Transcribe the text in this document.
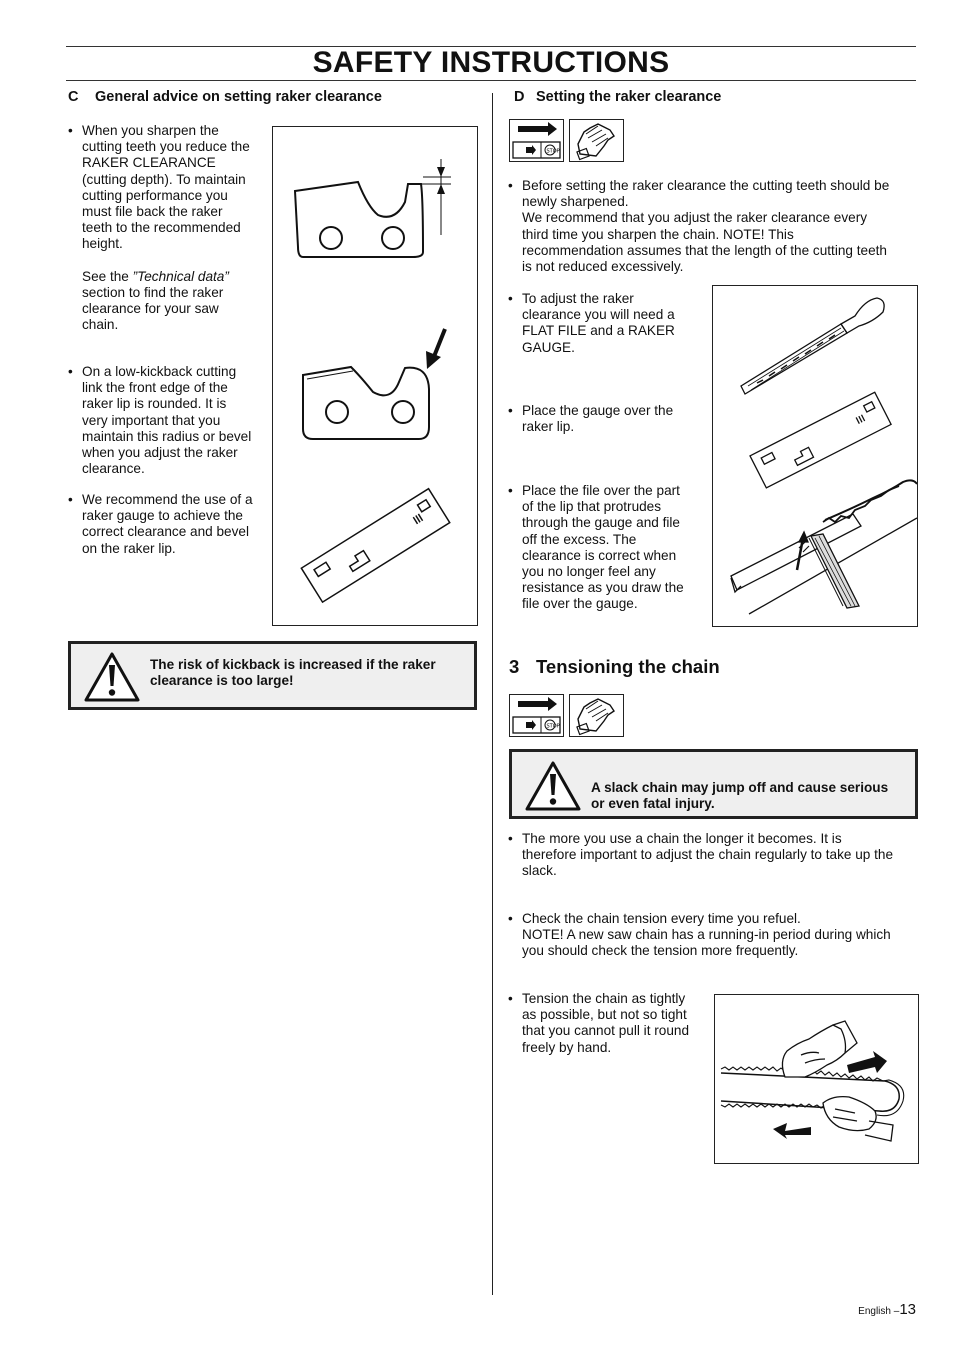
SAFETY INSTRUCTIONS
C General advice on setting raker clearance
• When you sharpen the

cutting teeth you reduce the

RAKER CLEARANCE

(cutting depth). To maintain

cutting performance you

must file back the raker

teeth to the recommended

height.

See the ”Technical data”

section to find the raker

clearance for your saw

chain.

• On a low-kickback cutting

link the front edge of the

raker lip is rounded. It is

very important that you

maintain this radius or bevel

when you adjust the raker

clearance.

• We recommend the use of a

raker gauge to achieve the

correct clearance and bevel

on the raker lip.

The risk of kickback is increased if the raker
clearance is too large!
D Setting the raker clearance
STOP
• Before setting the raker clearance the cutting teeth should be

newly sharpened.

We recommend that you adjust the raker clearance every

third time you sharpen the chain. NOTE! This

recommendation assumes that the length of the cutting teeth

is not reduced excessively.

• To adjust the raker

clearance you will need a

FLAT FILE and a RAKER

GAUGE.

• Place the gauge over the

raker lip.

• Place the file over the part

of the lip that protrudes

through the gauge and file

off the excess. The

clearance is correct when

you no longer feel any

resistance as you draw the

file over the gauge.

3 Tensioning the chain
STOP
A slack chain may jump off and cause serious
or even fatal injury.
• The more you use a chain the longer it becomes. It is

therefore important to adjust the chain regularly to take up the

slack.

• Check the chain tension every time you refuel.

NOTE! A new saw chain has a running-in period during which

you should check the tension more frequently.

• Tension the chain as tightly

as possible, but not so tight

that you cannot pull it round

freely by hand.

English –13
